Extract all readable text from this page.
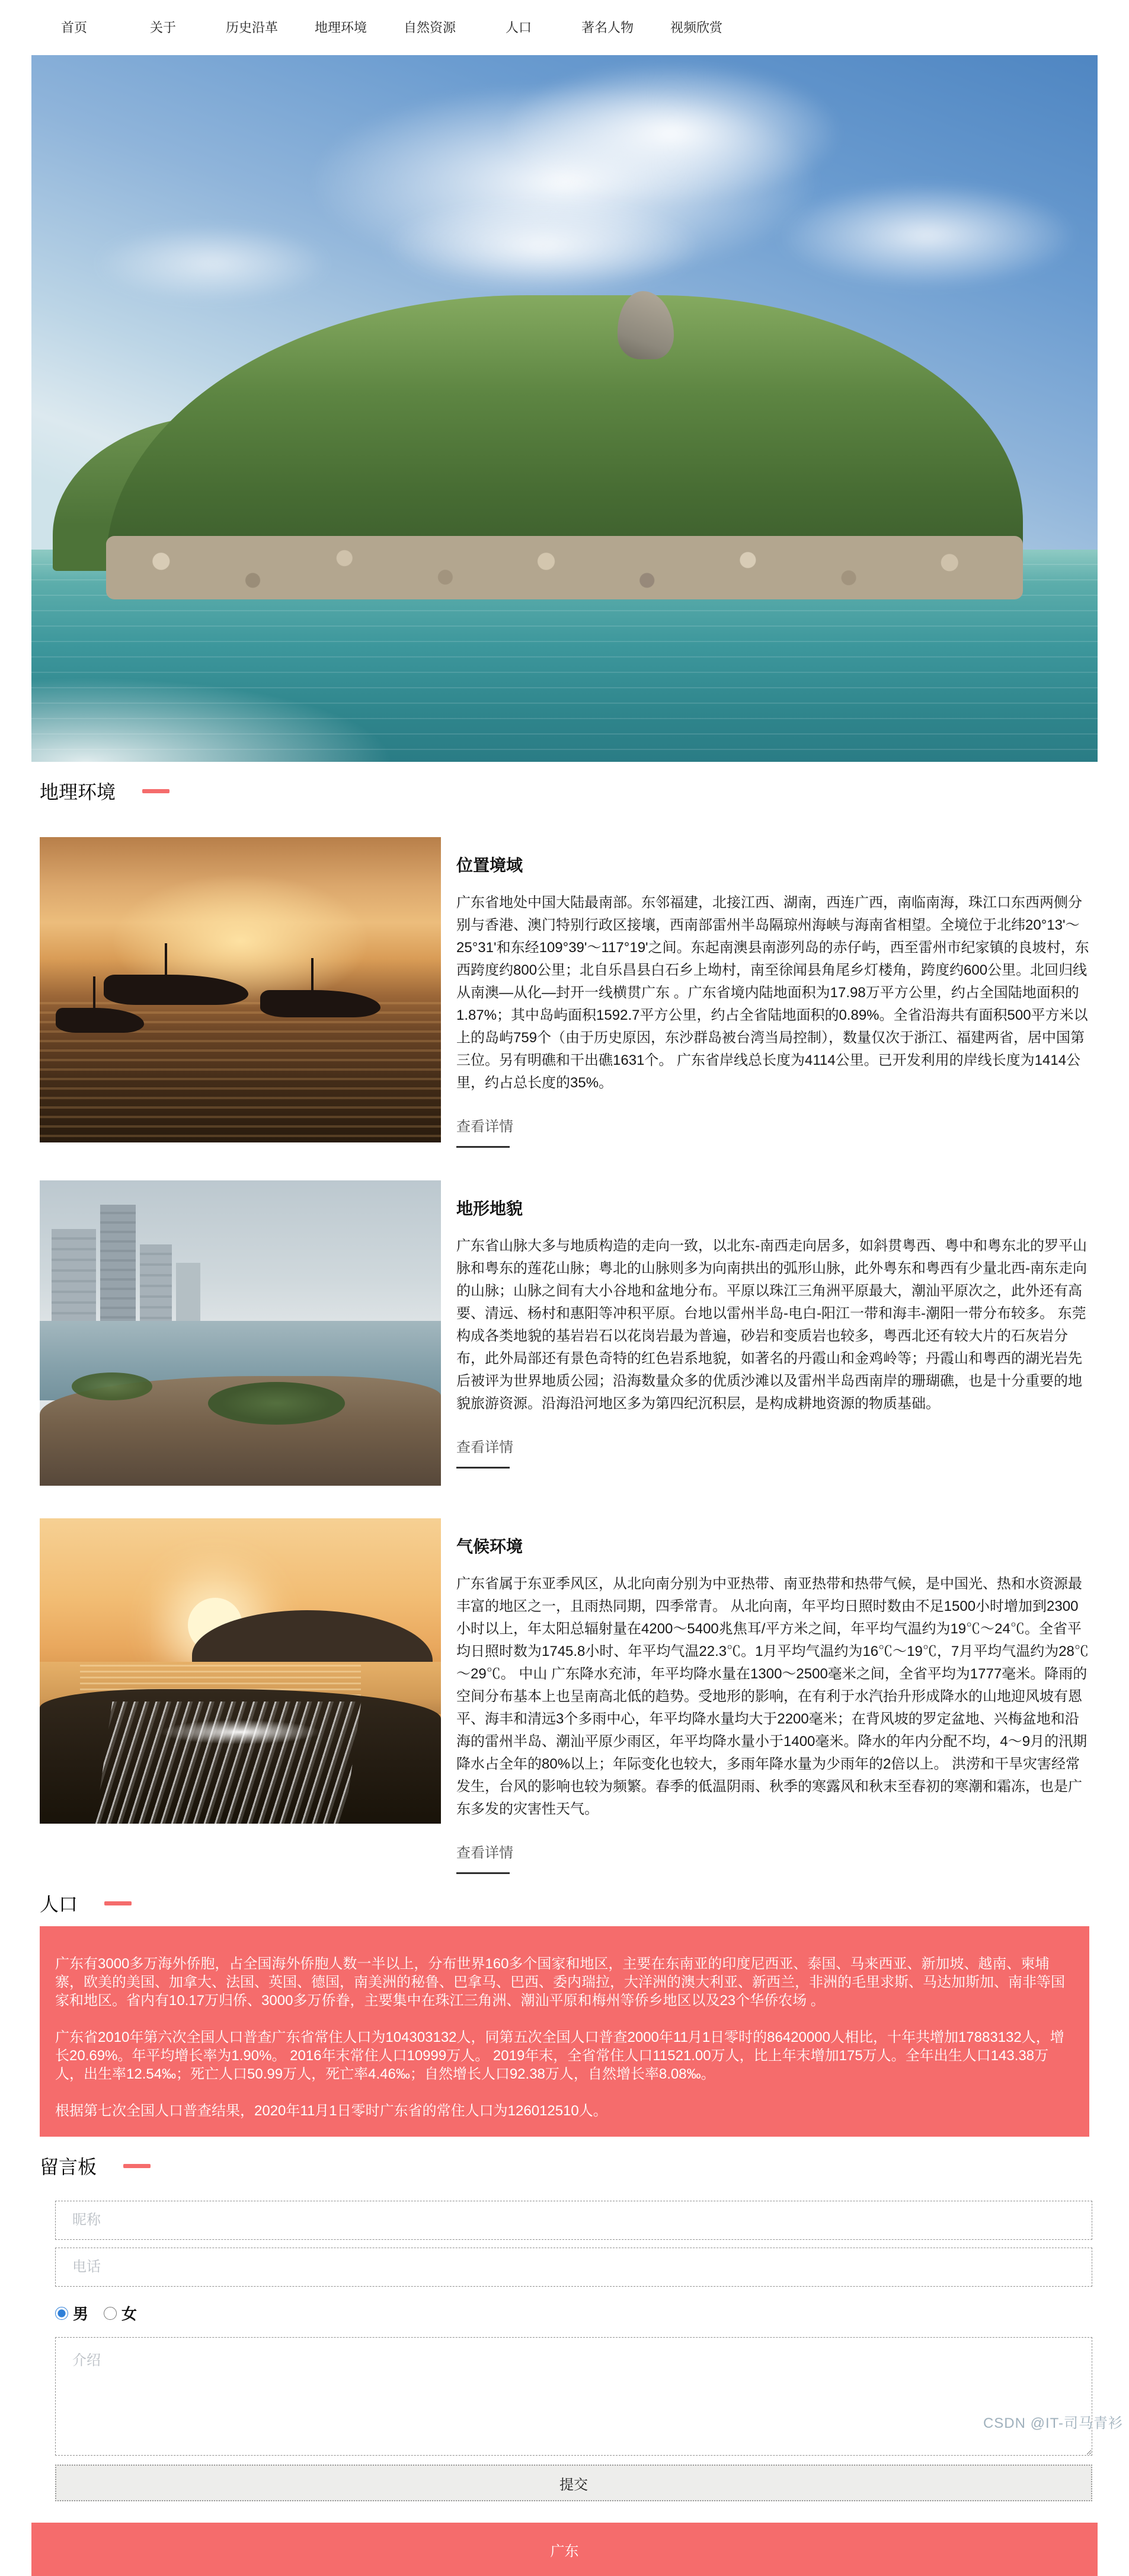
首页	关于	历史沿革	地理环境	自然资源	人口	著名人物	视频欣赏
地理环境
位置境域

广东省地处中国大陆最南部。东邻福建，北接江西、湖南，西连广西，南临南海，珠江口东西两侧分别与香港、澳门特别行政区接壤，西南部雷州半岛隔琼州海峡与海南省相望。全境位于北纬20°13'～25°31'和东经109°39'～117°19'之间。东起南澳县南澎列岛的赤仔屿，西至雷州市纪家镇的良坡村，东西跨度约800公里；北自乐昌县白石乡上坳村，南至徐闻县角尾乡灯楼角，跨度约600公里。北回归线从南澳—从化—封开一线横贯广东 。广东省境内陆地面积为17.98万平方公里，约占全国陆地面积的1.87%；其中岛屿面积1592.7平方公里，约占全省陆地面积的0.89%。全省沿海共有面积500平方米以上的岛屿759个（由于历史原因，东沙群岛被台湾当局控制），数量仅次于浙江、福建两省，居中国第三位。另有明礁和干出礁1631个。 广东省岸线总长度为4114公里。已开发利用的岸线长度为1414公里，约占总长度的35%。

查看详情
地形地貌

广东省山脉大多与地质构造的走向一致，以北东-南西走向居多，如斜贯粤西、粤中和粤东北的罗平山脉和粤东的莲花山脉；粤北的山脉则多为向南拱出的弧形山脉，此外粤东和粤西有少量北西-南东走向的山脉；山脉之间有大小谷地和盆地分布。平原以珠江三角洲平原最大，潮汕平原次之，此外还有高要、清远、杨村和惠阳等冲积平原。台地以雷州半岛-电白-阳江一带和海丰-潮阳一带分布较多。 东莞 构成各类地貌的基岩岩石以花岗岩最为普遍，砂岩和变质岩也较多，粤西北还有较大片的石灰岩分布，此外局部还有景色奇特的红色岩系地貌，如著名的丹霞山和金鸡岭等；丹霞山和粤西的湖光岩先后被评为世界地质公园；沿海数量众多的优质沙滩以及雷州半岛西南岸的珊瑚礁，也是十分重要的地貌旅游资源。沿海沿河地区多为第四纪沉积层，是构成耕地资源的物质基础。

查看详情
气候环境

广东省属于东亚季风区，从北向南分别为中亚热带、南亚热带和热带气候，是中国光、热和水资源最丰富的地区之一，且雨热同期，四季常青。 从北向南，年平均日照时数由不足1500小时增加到2300小时以上，年太阳总辐射量在4200～5400兆焦耳/平方米之间，年平均气温约为19℃～24℃。全省平均日照时数为1745.8小时、年平均气温22.3℃。1月平均气温约为16℃～19℃，7月平均气温约为28℃～29℃。 中山 广东降水充沛，年平均降水量在1300～2500毫米之间，全省平均为1777毫米。降雨的空间分布基本上也呈南高北低的趋势。受地形的影响，在有利于水汽抬升形成降水的山地迎风坡有恩平、海丰和清远3个多雨中心，年平均降水量均大于2200毫米；在背风坡的罗定盆地、兴梅盆地和沿海的雷州半岛、潮汕平原少雨区，年平均降水量小于1400毫米。降水的年内分配不均，4～9月的汛期降水占全年的80%以上；年际变化也较大，多雨年降水量为少雨年的2倍以上。 洪涝和干旱灾害经常发生，台风的影响也较为频繁。春季的低温阴雨、秋季的寒露风和秋末至春初的寒潮和霜冻，也是广东多发的灾害性天气。

查看详情
人口

广东有3000多万海外侨胞，占全国海外侨胞人数一半以上，分布世界160多个国家和地区，主要在东南亚的印度尼西亚、泰国、马来西亚、新加坡、越南、柬埔寨，欧美的美国、加拿大、法国、英国、德国，南美洲的秘鲁、巴拿马、巴西、委内瑞拉，大洋洲的澳大利亚、新西兰，非洲的毛里求斯、马达加斯加、南非等国家和地区。省内有10.17万归侨、3000多万侨眷，主要集中在珠江三角洲、潮汕平原和梅州等侨乡地区以及23个华侨农场 。

广东省2010年第六次全国人口普查广东省常住人口为104303132人，同第五次全国人口普查2000年11月1日零时的86420000人相比，十年共增加17883132人，增长20.69%。年平均增长率为1.90%。 2016年末常住人口10999万人。 2019年末，全省常住人口11521.00万人，比上年末增加175万人。全年出生人口143.38万人，出生率12.54‰；死亡人口50.99万人，死亡率4.46‰；自然增长人口92.38万人，自然增长率8.08‰。

根据第七次全国人口普查结果，2020年11月1日零时广东省的常住人口为126012510人。

留言板
昵称
电话
男 女
介绍
提交
广东
CSDN @IT-司马青衫
